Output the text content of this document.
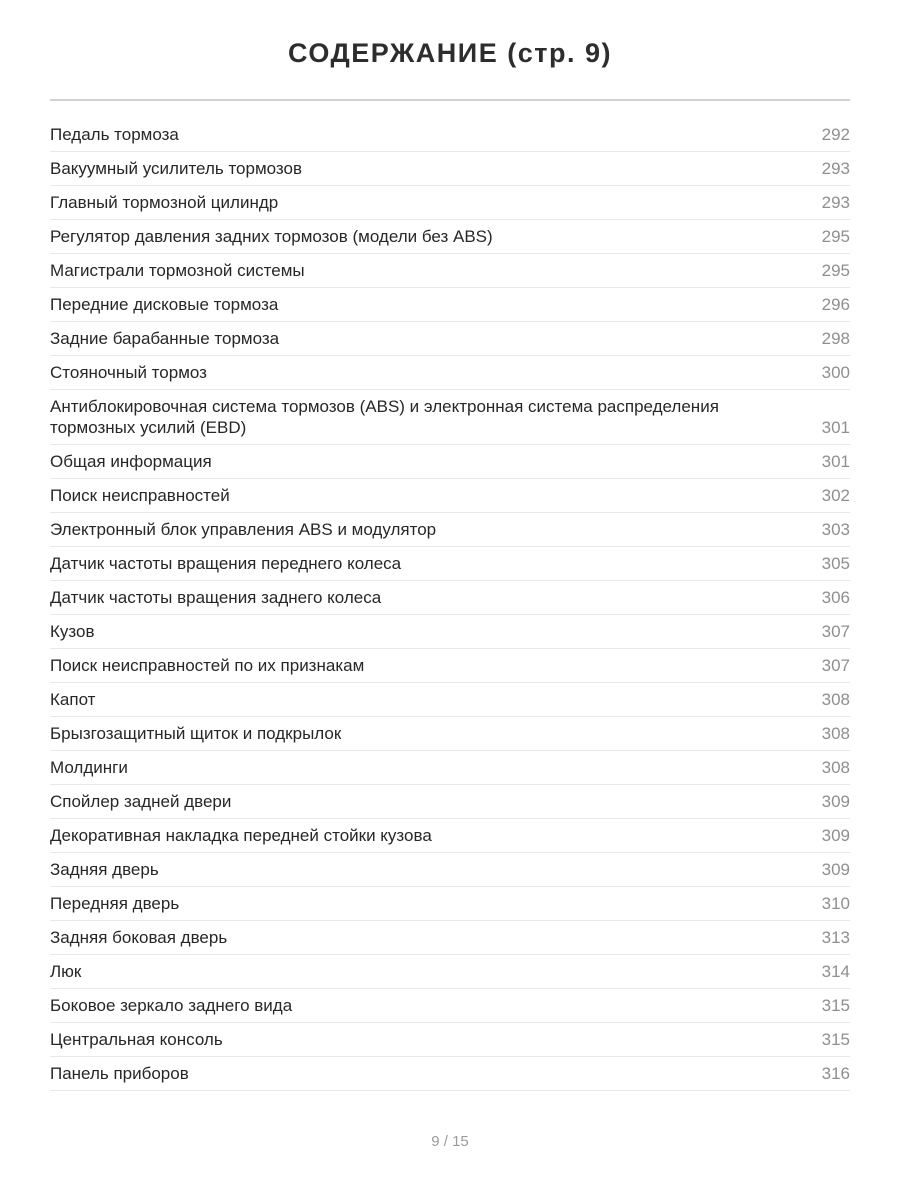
СОДЕРЖАНИЕ (стр. 9)
Педаль тормоза	292
Вакуумный усилитель тормозов	293
Главный тормозной цилиндр	293
Регулятор давления задних тормозов (модели без ABS)	295
Магистрали тормозной системы	295
Передние дисковые тормоза	296
Задние барабанные тормоза	298
Стояночный тормоз	300
Антиблокировочная система тормозов (ABS) и электронная система распределения тормозных усилий (EBD)	301
Общая информация	301
Поиск неисправностей	302
Электронный блок управления ABS и модулятор	303
Датчик частоты вращения переднего колеса	305
Датчик частоты вращения заднего колеса	306
Кузов	307
Поиск неисправностей по их признакам	307
Капот	308
Брызгозащитный щиток и подкрылок	308
Молдинги	308
Спойлер задней двери	309
Декоративная накладка передней стойки кузова	309
Задняя дверь	309
Передняя дверь	310
Задняя боковая дверь	313
Люк	314
Боковое зеркало заднего вида	315
Центральная консоль	315
Панель приборов	316
9 / 15
